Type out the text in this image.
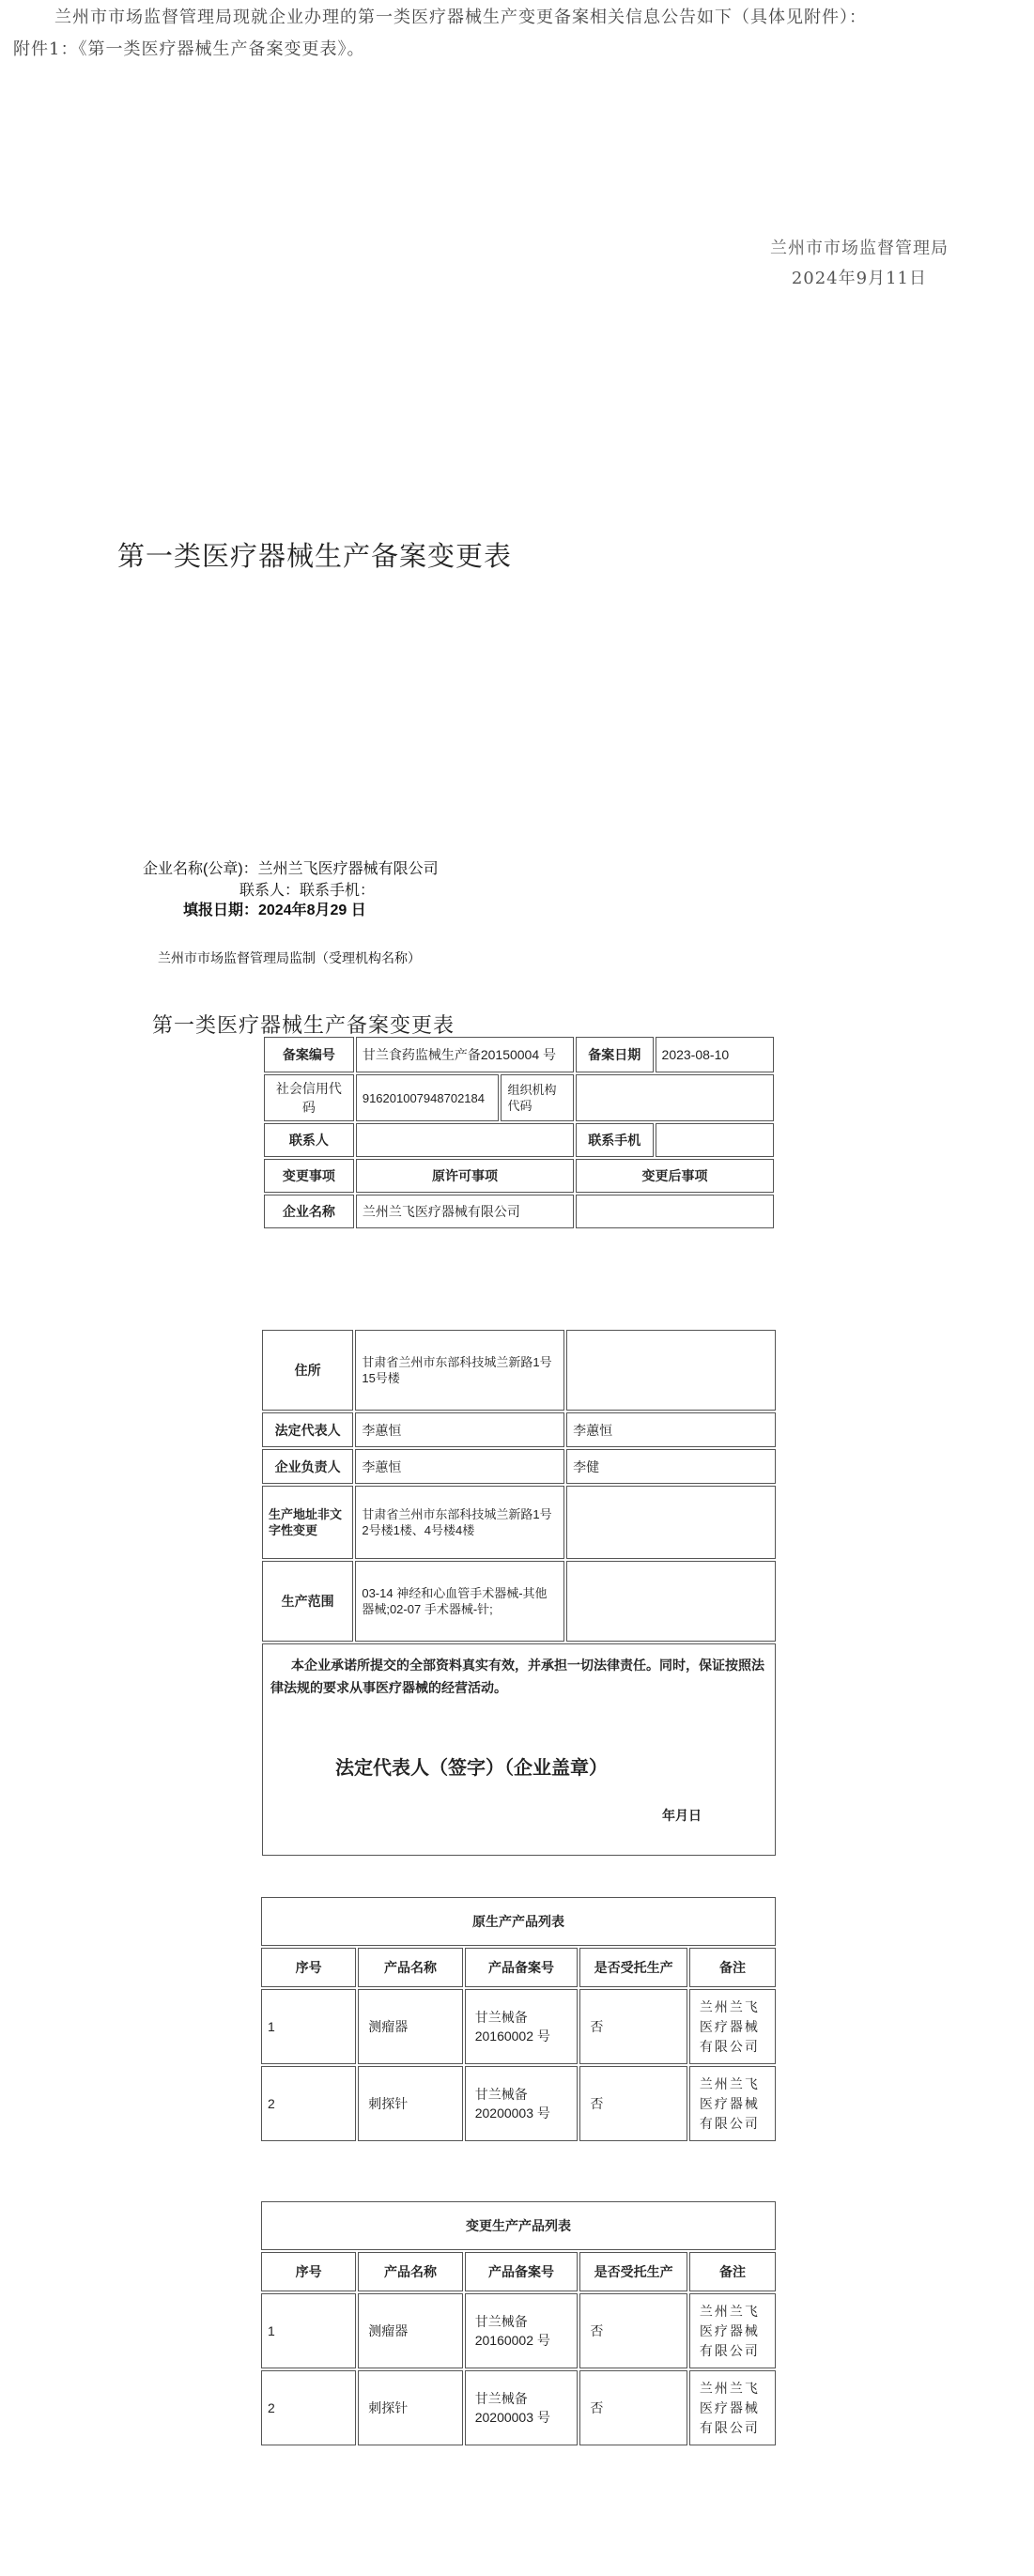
兰州市市场监督管理局现就企业办理的第一类医疗器械生产变更备案相关信息公告如下（具体见附件）：

附件1：《第一类医疗器械生产备案变更表》。

兰州市市场监督管理局
2024年9月11日
第一类医疗器械生产备案变更表
企业名称(公章)：兰州兰飞医疗器械有限公司
联系人：联系手机：
填报日期：2024年8月29 日
兰州市市场监督管理局监制（受理机构名称）
第一类医疗器械生产备案变更表
备案编号	甘兰食药监械生产备20150004 号		备案日期	2023-08-10
社会信用代码	916201007948702184	组织机构代码		
联系人			联系手机	
变更事项	原许可事项		变更后事项	
企业名称	兰州兰飞医疗器械有限公司			
住所	甘肃省兰州市东部科技城兰新路1号15号楼	
法定代表人	李蕙恒	李蕙恒
企业负责人	李蕙恒	李健
生产地址非文字性变更	甘肃省兰州市东部科技城兰新路1号2号楼1楼、4号楼4楼	
生产范围	03-14 神经和心血管手术器械-其他器械;02-07 手术器械-针;	

本企业承诺所提交的全部资料真实有效，并承担一切法律责任。同时，保证按照法律法规的要求从事医疗器械的经营活动。
法定代表人（签字）（企业盖章）
年月日		
原生产产品列表				
序号	产品名称	产品备案号	是否受托生产	备注
1	测瘤器	甘兰械备20160002 号	否	兰州兰飞医疗器械有限公司
2	刺探针	甘兰械备20200003 号	否	兰州兰飞医疗器械有限公司
变更生产产品列表				
序号	产品名称	产品备案号	是否受托生产	备注
1	测瘤器	甘兰械备20160002 号	否	兰州兰飞医疗器械有限公司
2	刺探针	甘兰械备20200003 号	否	兰州兰飞医疗器械有限公司
